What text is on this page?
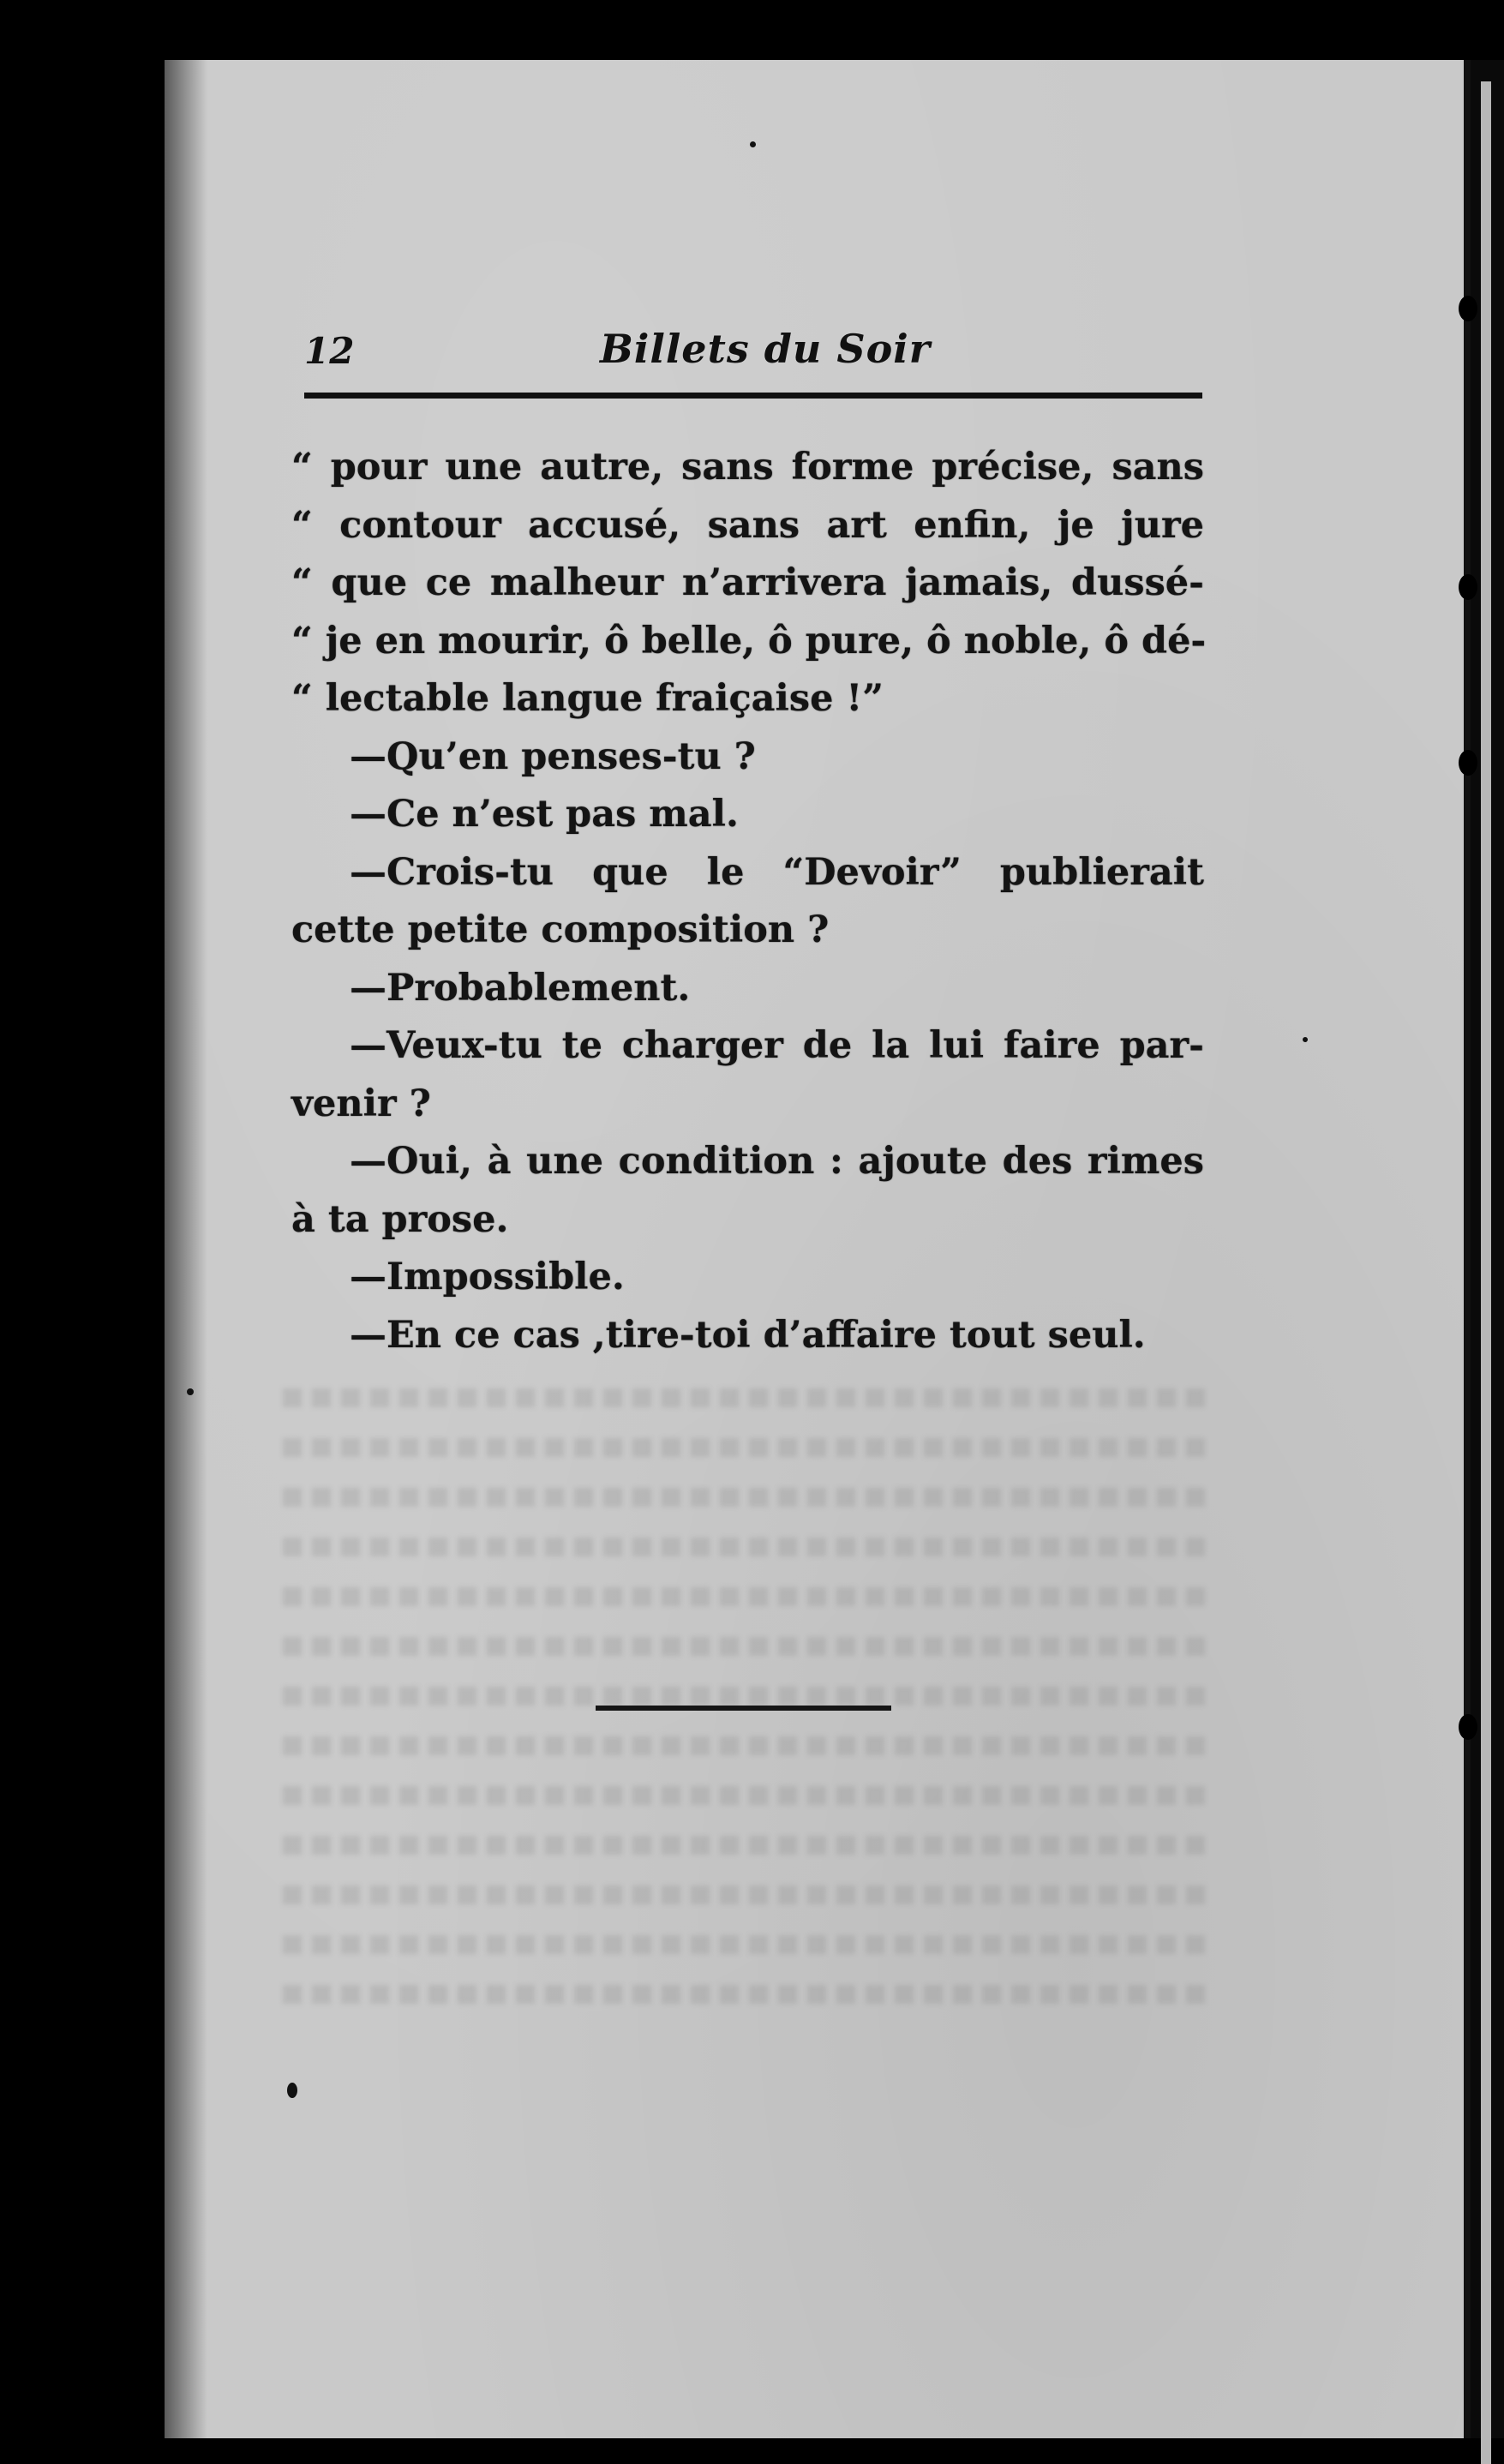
12	Billets du Soir
“ pour une autre, sans forme précise, sans
“ contour accusé, sans art enfin, je jure
“ que ce malheur n’arrivera jamais, dussé-
“ je en mourir, ô belle, ô pure, ô noble, ô dé-
“ lectable langue fraiçaise !”
—Qu’en penses-tu ?
—Ce n’est pas mal.
—Crois-tu que le “Devoir” publierait
cette petite composition ?
—Probablement.
—Veux-tu te charger de la lui faire par-
venir ?
—Oui, à une condition : ajoute des rimes
à ta prose.
—Impossible.
—En ce cas ,tire-toi d’affaire tout seul.
